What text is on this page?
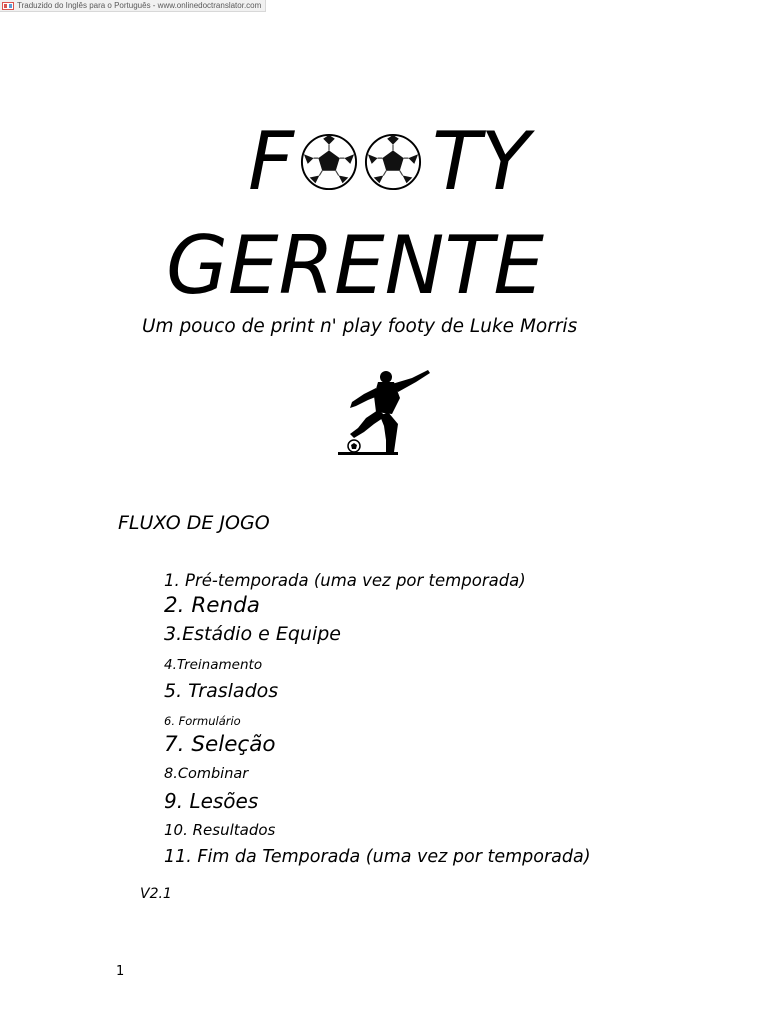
Traduzido do Inglês para o Português - www.onlinedoctranslator.com
F TY
GERENTE
Um pouco de print n' play footy de Luke Morris
FLUXO DE JOGO
1. Pré-temporada (uma vez por temporada)
2. Renda
3.Estádio e Equipe
4.Treinamento
5. Traslados
6. Formulário
7. Seleção
8.Combinar
9. Lesões
10. Resultados
11. Fim da Temporada (uma vez por temporada)
V2.1
1
